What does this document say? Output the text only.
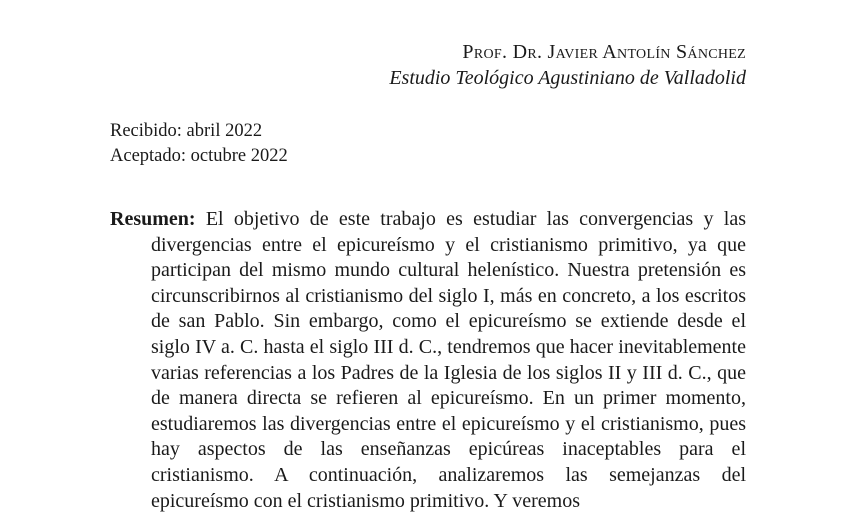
Prof. Dr. Javier Antolín Sánchez
Estudio Teológico Agustiniano de Valladolid
Recibido: abril 2022
Aceptado: octubre 2022

Resumen: El objetivo de este trabajo es estudiar las convergencias y las divergencias entre el epicureísmo y el cristianismo primitivo, ya que participan del mismo mundo cultural helenístico. Nuestra pretensión es circunscribirnos al cristianismo del siglo I, más en concreto, a los escritos de san Pablo. Sin embargo, como el epicureísmo se extiende desde el siglo IV a. C. hasta el siglo III d. C., tendremos que hacer inevitablemente varias referencias a los Padres de la Iglesia de los siglos II y III d. C., que de manera directa se refieren al epicureísmo. En un primer momento, estudiaremos las divergencias entre el epicureísmo y el cristianismo, pues hay aspectos de las enseñanzas epicúreas inaceptables para el cristianismo. A continuación, analizaremos las semejanzas del epicureísmo con el cristianismo primitivo. Y veremos
